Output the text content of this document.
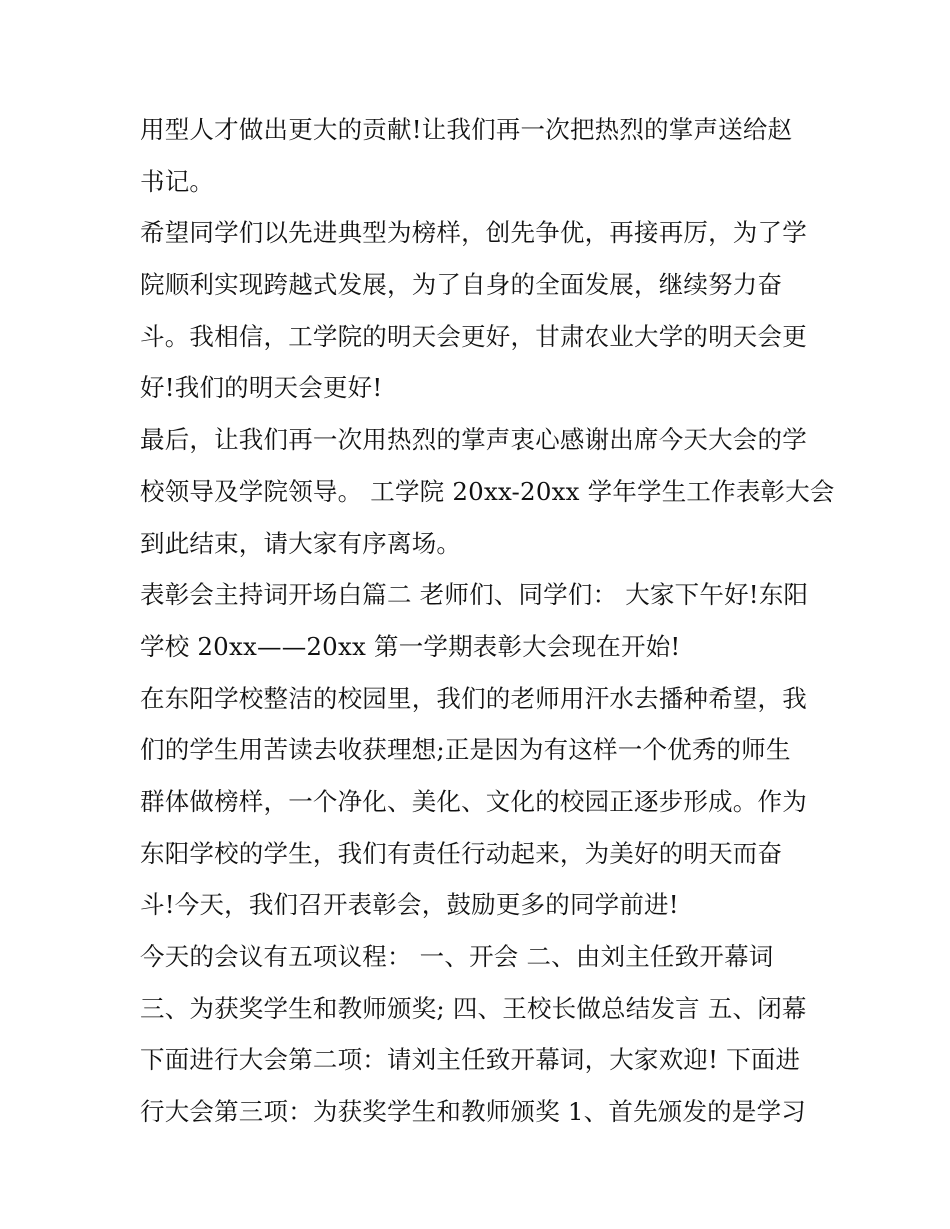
用型人才做出更大的贡献!让我们再一次把热烈的掌声送给赵
书记。
希望同学们以先进典型为榜样，创先争优，再接再厉，为了学
院顺利实现跨越式发展，为了自身的全面发展，继续努力奋
斗。我相信，工学院的明天会更好，甘肃农业大学的明天会更
好!我们的明天会更好!
最后，让我们再一次用热烈的掌声衷心感谢出席今天大会的学
校领导及学院领导。 工学院 20xx-20xx 学年学生工作表彰大会
到此结束，请大家有序离场。
表彰会主持词开场白篇二 老师们、同学们： 大家下午好!东阳
学校 20xx——20xx 第一学期表彰大会现在开始!
在东阳学校整洁的校园里，我们的老师用汗水去播种希望，我
们的学生用苦读去收获理想;正是因为有这样一个优秀的师生
群体做榜样，一个净化、美化、文化的校园正逐步形成。作为
东阳学校的学生，我们有责任行动起来，为美好的明天而奋
斗!今天，我们召开表彰会，鼓励更多的同学前进!
今天的会议有五项议程： 一、开会 二、由刘主任致开幕词
三、为获奖学生和教师颁奖; 四、王校长做总结发言 五、闭幕
下面进行大会第二项：请刘主任致开幕词，大家欢迎! 下面进
行大会第三项：为获奖学生和教师颁奖 1、首先颁发的是学习
